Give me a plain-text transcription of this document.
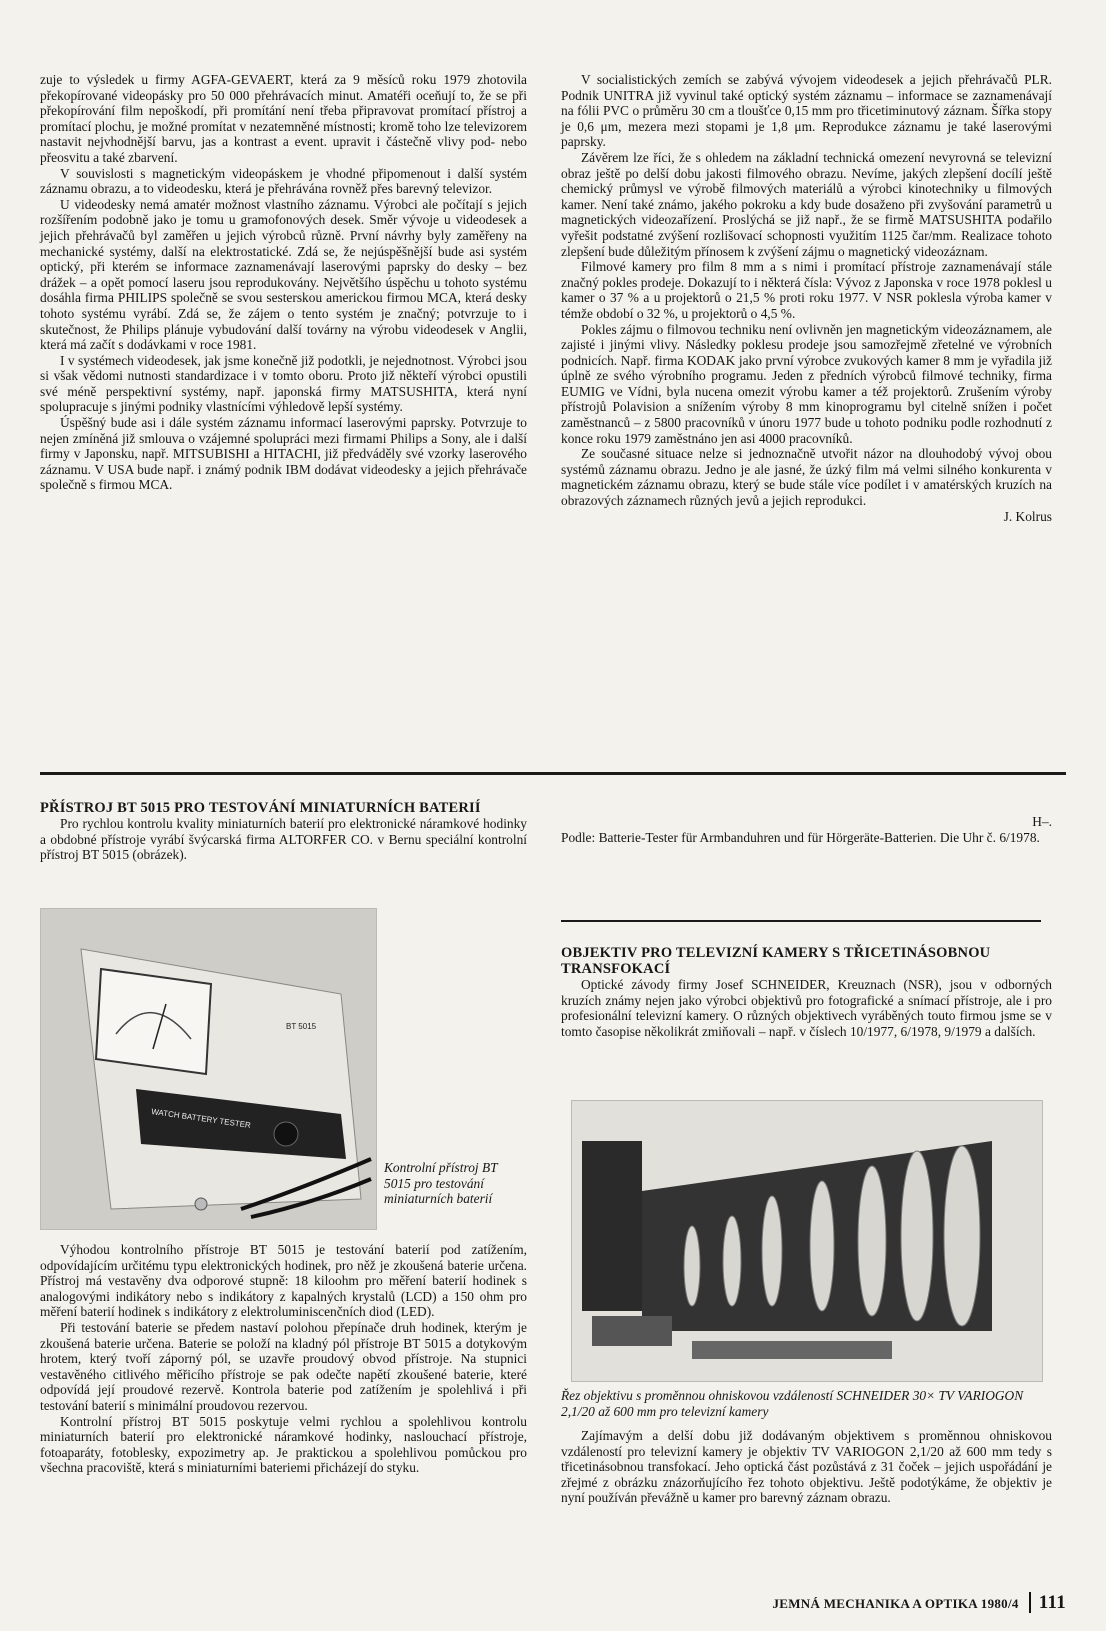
zuje to výsledek u firmy AGFA-GEVAERT, která za 9 měsíců roku 1979 zhotovila překopírované videopásky pro 50 000 přehrávacích minut. Amatéři oceňují to, že se při překopírování film nepoškodí, při promítání není třeba připravovat promítací přístroj a promítací plochu, je možné promítat v nezatemněné místnosti; kromě toho lze televizorem nastavit nejvhodnější barvu, jas a kontrast a event. upravit i částečně vlivy pod- nebo přeosvitu a také zbarvení.

V souvislosti s magnetickým videopáskem je vhodné připomenout i další systém záznamu obrazu, a to videodesku, která je přehrávána rovněž přes barevný televizor.

U videodesky nemá amatér možnost vlastního záznamu. Výrobci ale počítají s jejich rozšířením podobně jako je tomu u gramofonových desek. Směr vývoje u videodesek a jejich přehrávačů byl zaměřen u jejich výrobců různě. První návrhy byly zaměřeny na mechanické systémy, další na elektrostatické. Zdá se, že nejúspěšnější bude asi systém optický, při kterém se informace zaznamenávají laserovými paprsky do desky – bez drážek – a opět pomocí laseru jsou reprodukovány. Největšího úspěchu u tohoto systému dosáhla firma PHILIPS společně se svou sesterskou americkou firmou MCA, která desky tohoto systému vyrábí. Zdá se, že zájem o tento systém je značný; potvrzuje to i skutečnost, že Philips plánuje vybudování další továrny na výrobu videodesek v Anglii, která má začít s dodávkami v roce 1981.

I v systémech videodesek, jak jsme konečně již podotkli, je nejednotnost. Výrobci jsou si však vědomi nutnosti standardizace i v tomto oboru. Proto již někteří výrobci opustili své méně perspektivní systémy, např. japonská firmy MATSUSHITA, která nyní spolupracuje s jinými podniky vlastnícími výhledově lepší systémy.

Úspěšný bude asi i dále systém záznamu informací laserovými paprsky. Potvrzuje to nejen zmíněná již smlouva o vzájemné spolupráci mezi firmami Philips a Sony, ale i další firmy v Japonsku, např. MITSUBISHI a HITACHI, již předváděly své vzorky laserového záznamu. V USA bude např. i známý podnik IBM dodávat videodesky a jejich přehrávače společně s firmou MCA.

V socialistických zemích se zabývá vývojem videodesek a jejich přehrávačů PLR. Podnik UNITRA již vyvinul také optický systém záznamu – informace se zaznamenávají na fólii PVC o průměru 30 cm a tloušťce 0,15 mm pro třicetiminutový záznam. Šířka stopy je 0,6 μm, mezera mezi stopami je 1,8 μm. Reprodukce záznamu je také laserovými paprsky.

Závěrem lze říci, že s ohledem na základní technická omezení nevyrovná se televizní obraz ještě po delší dobu jakosti filmového obrazu. Nevíme, jakých zlepšení docílí ještě chemický průmysl ve výrobě filmových materiálů a výrobci kinotechniky u filmových kamer. Není také známo, jakého pokroku a kdy bude dosaženo při zvyšování parametrů u magnetických videozařízení. Proslýchá se již např., že se firmě MATSUSHITA podařilo vyřešit podstatné zvýšení rozlišovací schopnosti využitím 1125 čar/mm. Realizace tohoto zlepšení bude důležitým přínosem k zvýšení zájmu o magnetický videozáznam.

Filmové kamery pro film 8 mm a s nimi i promítací přístroje zaznamenávají stále značný pokles prodeje. Dokazují to i některá čísla: Vývoz z Japonska v roce 1978 poklesl u kamer o 37 % a u projektorů o 21,5 % proti roku 1977. V NSR poklesla výroba kamer v témže období o 32 %, u projektorů o 4,5 %.

Pokles zájmu o filmovou techniku není ovlivněn jen magnetickým videozáznamem, ale zajisté i jinými vlivy. Následky poklesu prodeje jsou samozřejmě zřetelné ve výrobních podnicích. Např. firma KODAK jako první výrobce zvukových kamer 8 mm je vyřadila již úplně ze svého výrobního programu. Jeden z předních výrobců filmové techniky, firma EUMIG ve Vídni, byla nucena omezit výrobu kamer a též projektorů. Zrušením výroby přístrojů Polavision a snížením výroby 8 mm kinoprogramu byl citelně snížen i počet zaměstnanců – z 5800 pracovníků v únoru 1977 bude u tohoto podniku podle rozhodnutí z konce roku 1979 zaměstnáno jen asi 4000 pracovníků.

Ze současné situace nelze si jednoznačně utvořit názor na dlouhodobý vývoj obou systémů záznamu obrazu. Jedno je ale jasné, že úzký film má velmi silného konkurenta v magnetickém záznamu obrazu, který se bude stále více podílet i v amatérských kruzích na obrazových záznamech různých jevů a jejich reprodukci.

J. Kolrus
PŘÍSTROJ BT 5015 PRO TESTOVÁNÍ MINIATURNÍCH BATERIÍ

Pro rychlou kontrolu kvality miniaturních baterií pro elektronické náramkové hodinky a obdobné přístroje vyrábí švýcarská firma ALTORFER CO. v Bernu speciální kontrolní přístroj BT 5015 (obrázek).

WATCH BATTERY TESTER
BT 5015
Kontrolní přístroj BT 5015 pro testování miniaturních baterií

Výhodou kontrolního přístroje BT 5015 je testování baterií pod zatížením, odpovídajícím určitému typu elektronických hodinek, pro něž je zkoušená baterie určena. Přístroj má vestavěny dva odporové stupně: 18 kiloohm pro měření baterií hodinek s analogovými indikátory nebo s indikátory z kapalných krystalů (LCD) a 150 ohm pro měření baterií hodinek s indikátory z elektroluminiscenčních diod (LED).

Při testování baterie se předem nastaví polohou přepínače druh hodinek, kterým je zkoušená baterie určena. Baterie se položí na kladný pól přístroje BT 5015 a dotykovým hrotem, který tvoří záporný pól, se uzavře proudový obvod přístroje. Na stupnici vestavěného citlivého měřicího přístroje se pak odečte napětí zkoušené baterie, které odpovídá její proudové rezervě. Kontrola baterie pod zatížením je spolehlivá i při testování baterií s minimální proudovou rezervou.

Kontrolní přístroj BT 5015 poskytuje velmi rychlou a spolehlivou kontrolu miniaturních baterií pro elektronické náramkové hodinky, naslouchací přístroje, fotoaparáty, fotoblesky, expozimetry ap. Je praktickou a spolehlivou pomůckou pro všechna pracoviště, která s miniaturními bateriemi přicházejí do styku.

H–.

Podle: Batterie-Tester für Armbanduhren und für Hörgeräte-Batterien. Die Uhr č. 6/1978.

OBJEKTIV PRO TELEVIZNÍ KAMERY S TŘICETINÁSOBNOU TRANSFOKACÍ

Optické závody firmy Josef SCHNEIDER, Kreuznach (NSR), jsou v odborných kruzích známy nejen jako výrobci objektivů pro fotografické a snímací přístroje, ale i pro profesionální televizní kamery. O různých objektivech vyráběných touto firmou jsme se v tomto časopise několikrát zmiňovali – např. v číslech 10/1977, 6/1978, 9/1979 a dalších.

Řez objektivu s proměnnou ohniskovou vzdáleností SCHNEIDER 30× TV VARIOGON 2,1/20 až 600 mm pro televizní kamery

Zajímavým a delší dobu již dodávaným objektivem s proměnnou ohniskovou vzdáleností pro televizní kamery je objektiv TV VARIOGON 2,1/20 až 600 mm tedy s třicetinásobnou transfokací. Jeho optická část pozůstává z 31 čoček – jejich uspořádání je zřejmé z obrázku znázorňujícího řez tohoto objektivu. Ještě podotýkáme, že objektiv je nyní používán převážně u kamer pro barevný záznam obrazu.

JEMNÁ MECHANIKA A OPTIKA 1980/4 111
